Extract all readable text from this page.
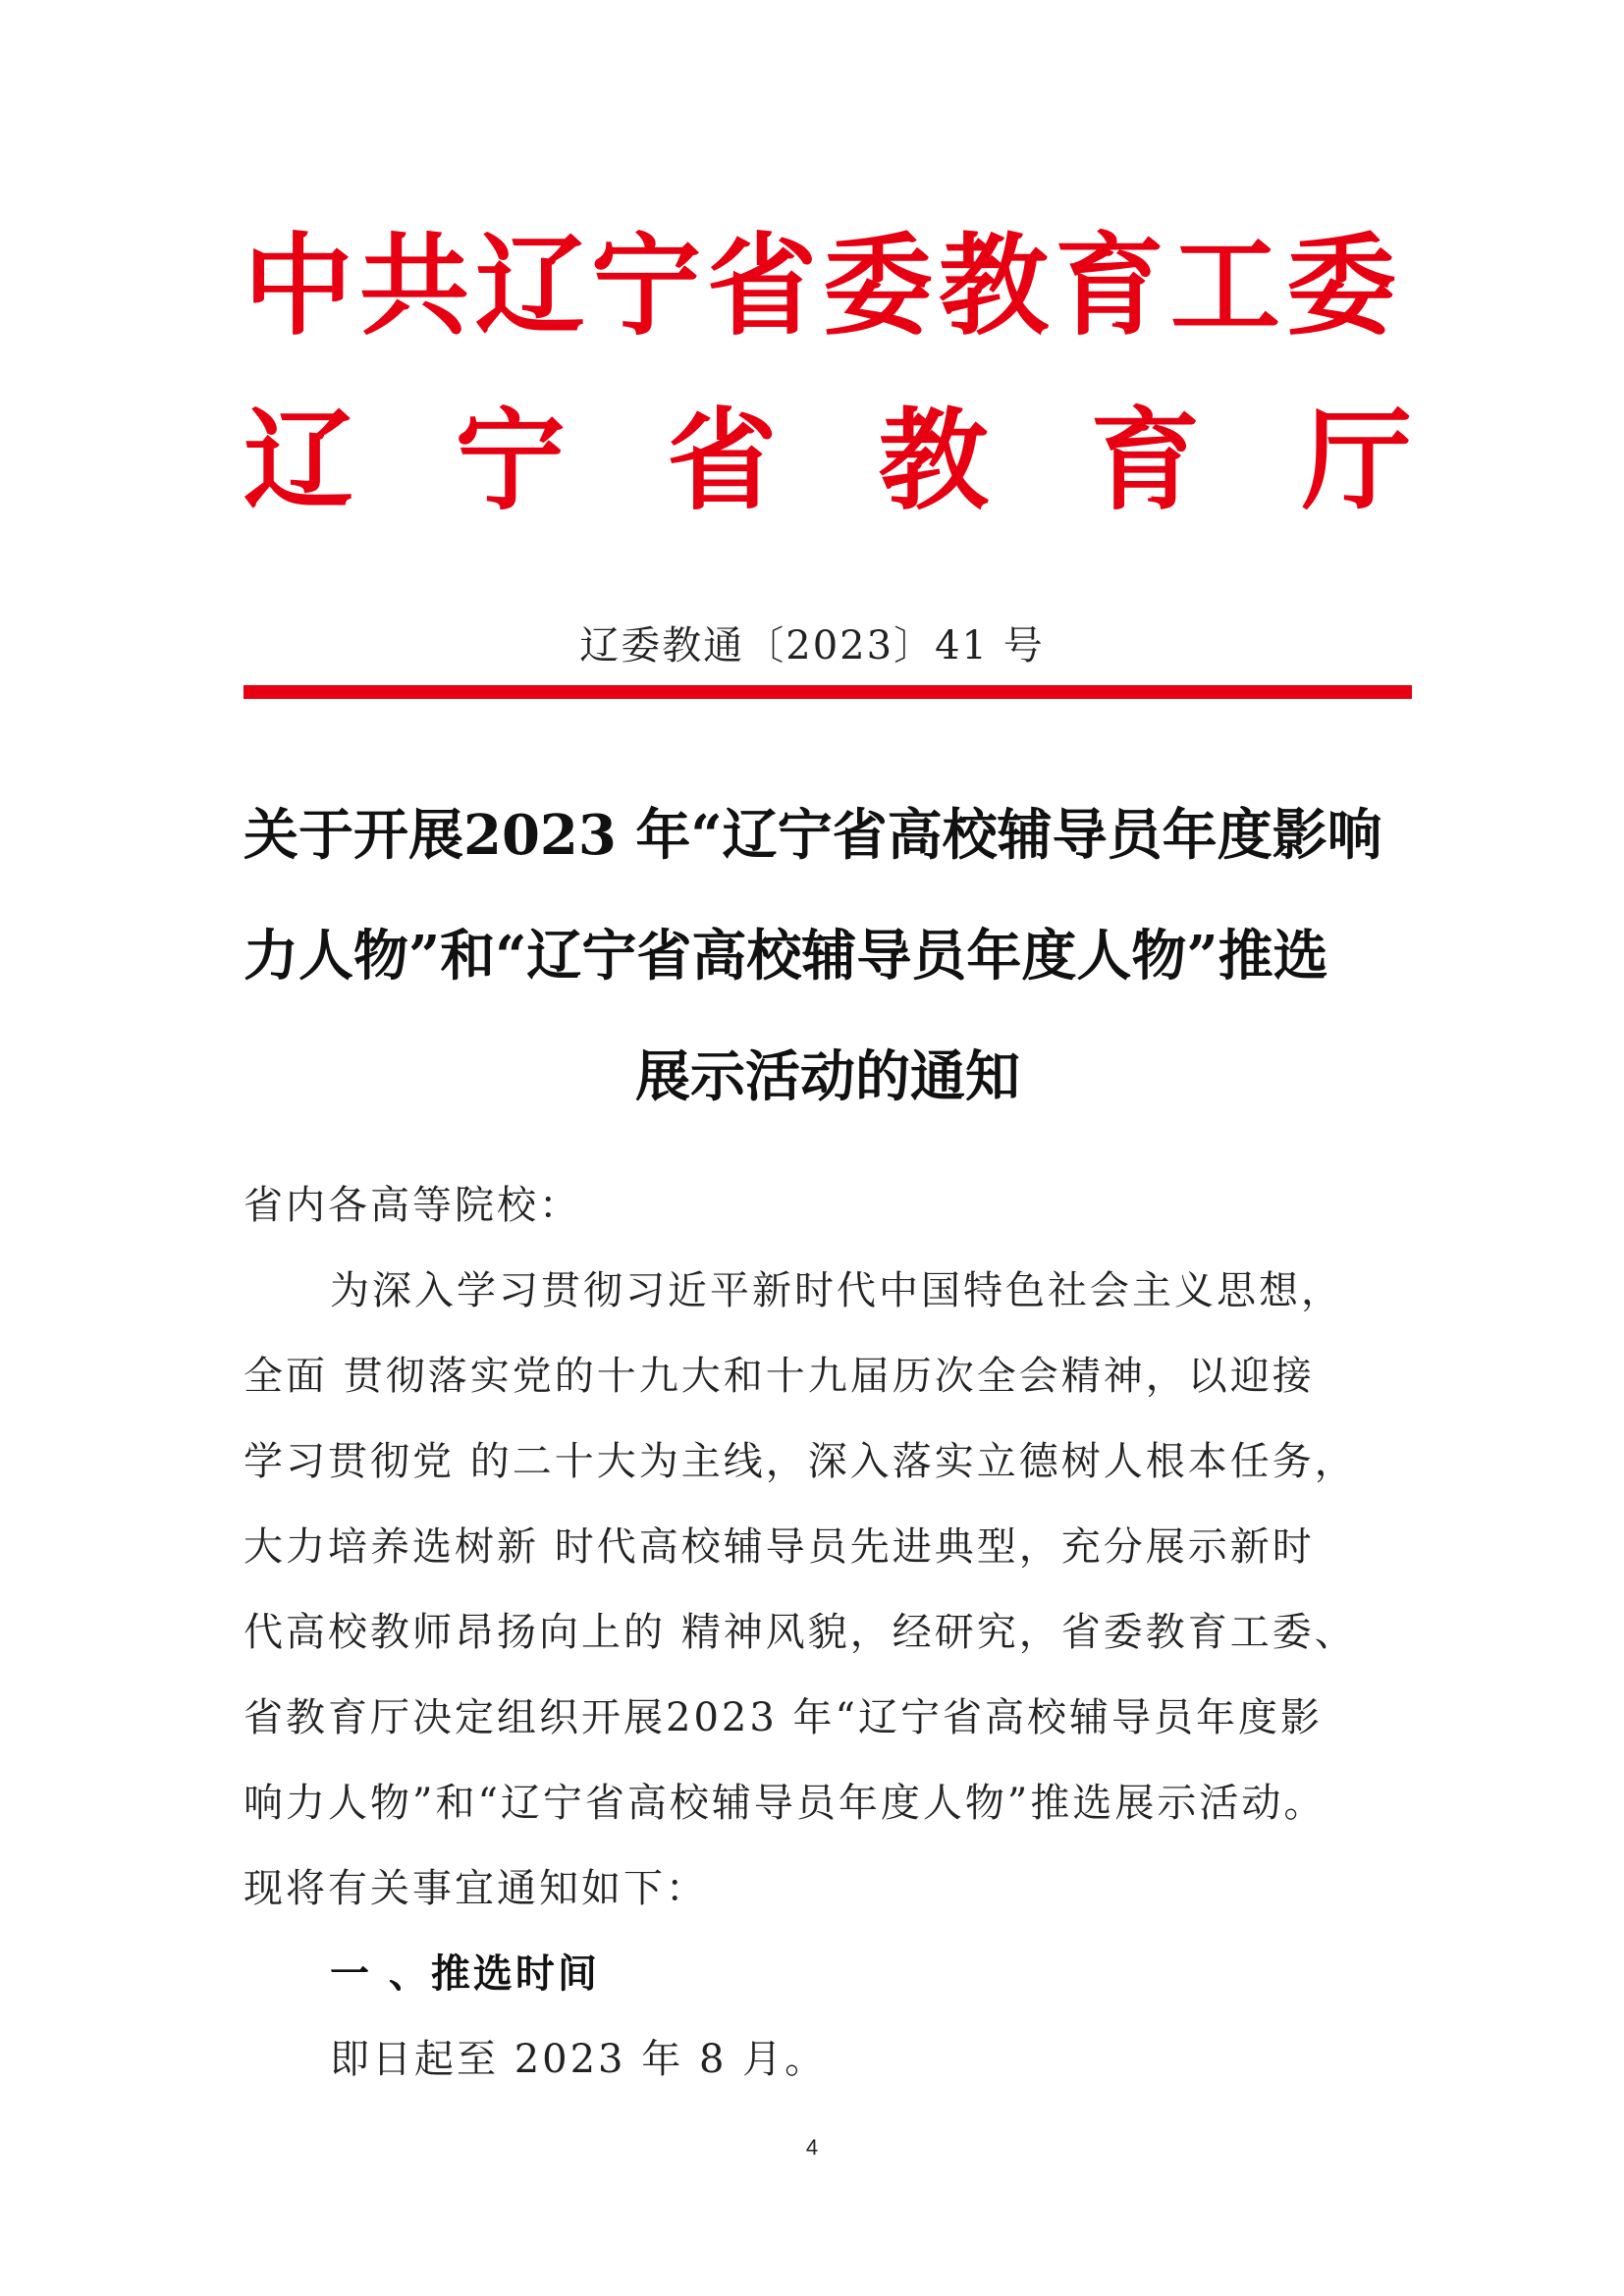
中共辽宁省委教育工委
辽 宁 省 教 育 厅
辽委教通〔2023〕41 号
关于开展2023 年“辽宁省高校辅导员年度影响
力人物”和“辽宁省高校辅导员年度人物”推选
展示活动的通知
省内各高等院校：
为深入学习贯彻习近平新时代中国特色社会主义思想，
全面 贯彻落实党的十九大和十九届历次全会精神，以迎接
学习贯彻党 的二十大为主线，深入落实立德树人根本任务，
大力培养选树新 时代高校辅导员先进典型，充分展示新时
代高校教师昂扬向上的 精神风貌，经研究，省委教育工委、
省教育厅决定组织开展2023 年“辽宁省高校辅导员年度影
响力人物”和“辽宁省高校辅导员年度人物”推选展示活动。
现将有关事宜通知如下：
一 、推选时间
即日起至 2023 年 8 月。
4
